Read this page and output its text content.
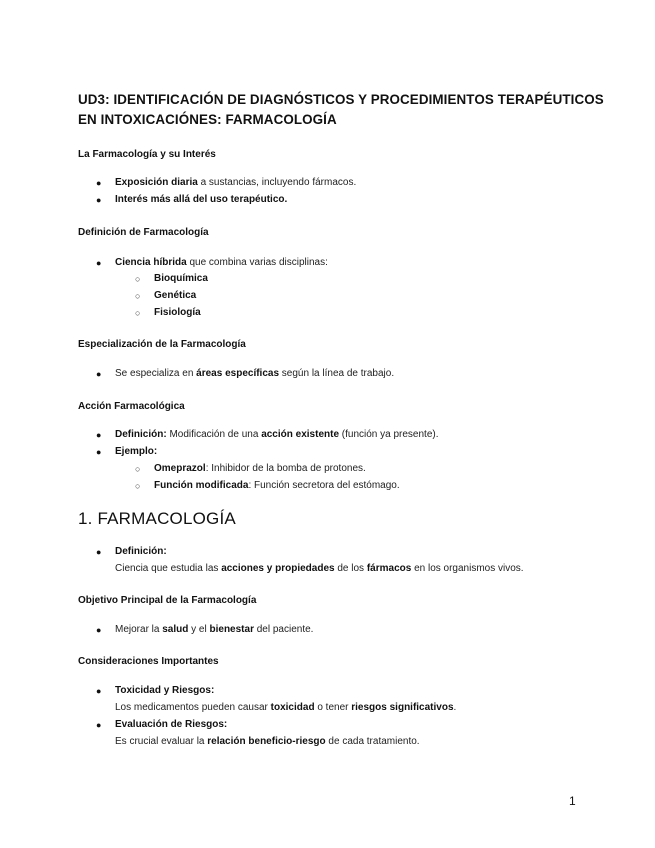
UD3: IDENTIFICACIÓN DE DIAGNÓSTICOS Y PROCEDIMIENTOS TERAPÉUTICOS
EN INTOXICACIÓNES: FARMACOLOGÍA
La Farmacología y su Interés
● Exposición diaria a sustancias, incluyendo fármacos.
● Interés más allá del uso terapéutico.
Definición de Farmacología
● Ciencia híbrida que combina varias disciplinas:
○ Bioquímica
○ Genética
○ Fisiología
Especialización de la Farmacología
● Se especializa en áreas específicas según la línea de trabajo.
Acción Farmacológica
● Definición: Modificación de una acción existente (función ya presente).
● Ejemplo:
○ Omeprazol: Inhibidor de la bomba de protones.
○ Función modificada: Función secretora del estómago.
1. FARMACOLOGÍA
● Definición:
Ciencia que estudia las acciones y propiedades de los fármacos en los organismos vivos.
Objetivo Principal de la Farmacología
● Mejorar la salud y el bienestar del paciente.
Consideraciones Importantes
● Toxicidad y Riesgos:
Los medicamentos pueden causar toxicidad o tener riesgos significativos.
● Evaluación de Riesgos:
Es crucial evaluar la relación beneficio-riesgo de cada tratamiento.
1
